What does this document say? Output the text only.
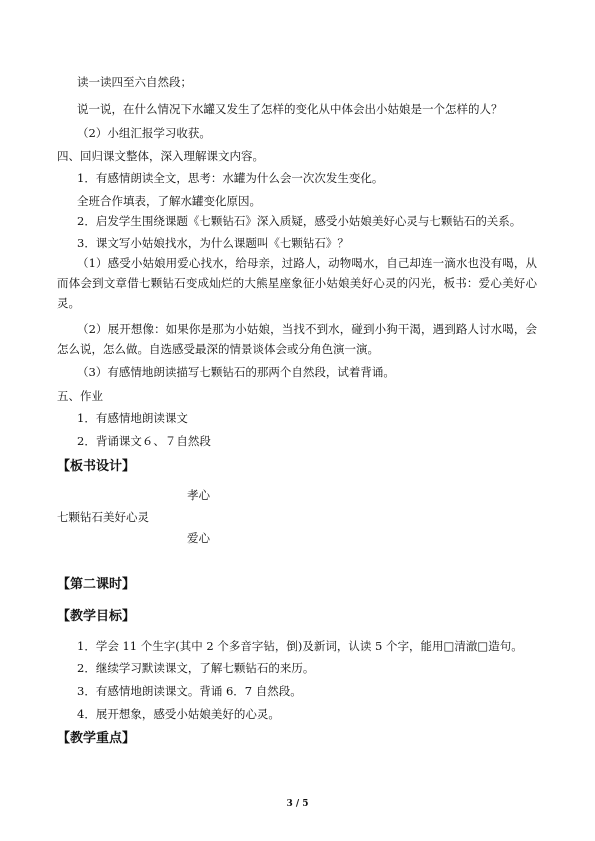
读一读四至六自然段；
说一说，在什么情况下水罐又发生了怎样的变化从中体会出小姑娘是一个怎样的人？
（2）小组汇报学习收获。
四、回归课文整体，深入理解课文内容。
1．有感情朗读全文，思考：水罐为什么会一次次发生变化。
全班合作填表，了解水罐变化原因。
2．启发学生围绕课题《七颗钻石》深入质疑，感受小姑娘美好心灵与七颗钻石的关系。
3．课文写小姑娘找水，为什么课题叫《七颗钻石》？
（1）感受小姑娘用爱心找水，给母亲，过路人，动物喝水，自己却连一滴水也没有喝，从而体会到文章借七颗钻石变成灿烂的大熊星座象征小姑娘美好心灵的闪光，板书：爱心美好心灵。
（2）展开想像：如果你是那为小姑娘，当找不到水，碰到小狗干渴，遇到路人讨水喝，会怎么说，怎么做。自选感受最深的情景谈体会或分角色演一演。
（3）有感情地朗读描写七颗钻石的那两个自然段，试着背诵。
五、作业
1．有感情地朗读课文
2．背诵课文６、７自然段
【板书设计】
孝心
七颗钻石美好心灵
爱心
【第二课时】
【教学目标】
1．学会 11 个生字(其中 2 个多音字钻，倒)及新词，认读 5 个字，能用□清澈□造句。
2．继续学习默读课文，了解七颗钻石的来历。
3．有感情地朗读课文。背诵 6．7 自然段。
4．展开想象，感受小姑娘美好的心灵。
【教学重点】
3 / 5
